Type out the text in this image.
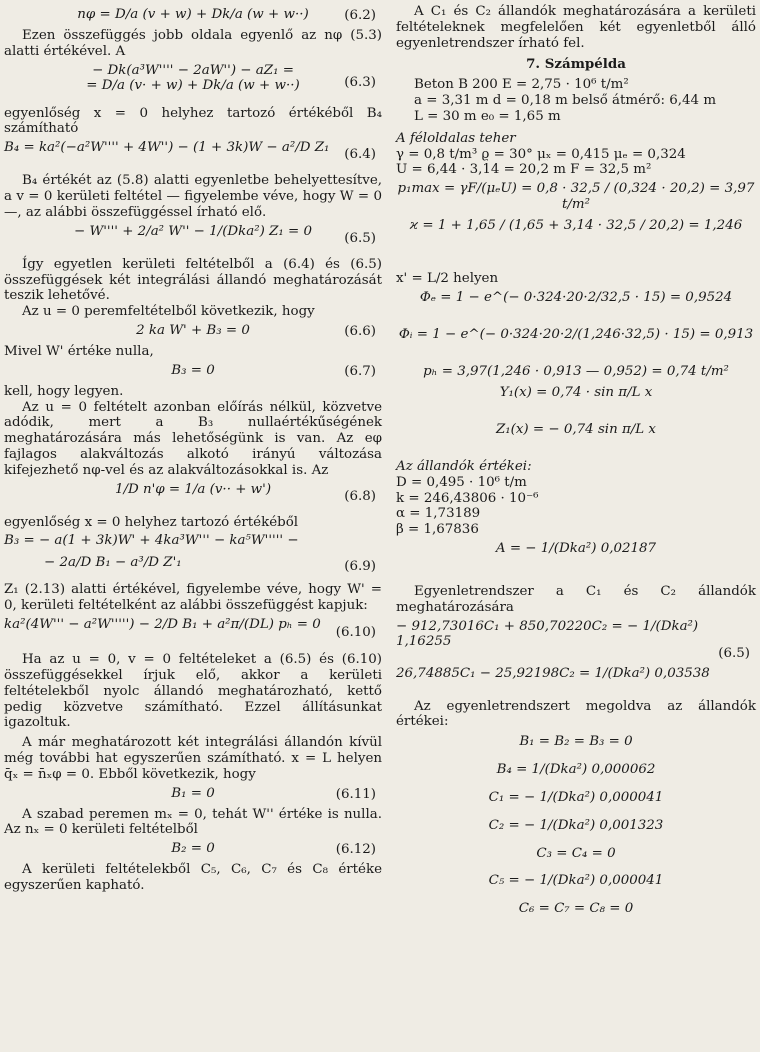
nφ = D/a (v + w) + Dk/a (w + w··)	(6.2)

Ezen összefüggés jobb oldala egyenlő az nφ (5.3) alatti értékével. A

− Dk(a³W'''' − 2aW'') − aZ₁ =
= D/a (v· + w) + Dk/a (w + w··)	(6.3)

egyenlőség x = 0 helyhez tartozó értékéből B₄ számítható

B₄ = ka²(−a²W'''' + 4W'') − (1 + 3k)W − a²/D Z₁	(6.4)

B₄ értékét az (5.8) alatti egyenletbe behelyettesítve, a v = 0 kerületi feltétel — figyelembe véve, hogy W = 0 —, az alábbi összefüggéssel írható elő.

− W'''' + 2/a² W'' − 1/(Dka²) Z₁ = 0	(6.5)

Így egyetlen kerületi feltételből a (6.4) és (6.5) összefüggések két integrálási állandó meghatározását teszik lehetővé.

Az u = 0 peremfeltételből következik, hogy

2 ka W' + B₃ = 0	(6.6)

Mivel W' értéke nulla,

B₃ = 0	(6.7)

kell, hogy legyen.

Az u = 0 feltételt azonban előírás nélkül, közvetve adódik, mert a B₃ nullaértékűségének meghatározására más lehetőségünk is van. Az eφ fajlagos alakváltozás alkotó irányú változása kifejezhető nφ-vel és az alakváltozásokkal is. Az

1/D n'φ = 1/a (v·· + w')	(6.8)

egyenlőség x = 0 helyhez tartozó értékéből

B₃ = − a(1 + 3k)W' + 4ka³W''' − ka⁵W''''' −
− 2a/D B₁ − a³/D Z'₁	(6.9)

Z₁ (2.13) alatti értékével, figyelembe véve, hogy W' = 0, kerületi feltételként az alábbi összefüggést kapjuk:

ka²(4W''' − a²W''''') − 2/D B₁ + a²π/(DL) pₕ = 0
(6.10)

Ha az u = 0, v = 0 feltételeket a (6.5) és (6.10) összefüggésekkel írjuk elő, akkor a kerületi feltételekből nyolc állandó meghatározható, kettő pedig közvetve számítható. Ezzel állításunkat igazoltuk.

A már meghatározott két integrálási állandón kívül még további hat egyszerűen számítható. x = L helyen q̄ₓ = n̄ₓφ = 0. Ebből következik, hogy

B₁ = 0	(6.11)

A szabad peremen mₓ = 0, tehát W'' értéke is nulla. Az nₓ = 0 kerületi feltételből

B₂ = 0	(6.12)

A kerületi feltételekből C₅, C₆, C₇ és C₈ értéke egyszerűen kapható.

A C₁ és C₂ állandók meghatározására a kerületi feltételeknek megfelelően két egyenletből álló egyenletrendszer írható fel.

7. Számpélda
Beton B 200 E = 2,75 · 10⁶ t/m²
a = 3,31 m d = 0,18 m belső átmérő: 6,44 m
L = 30 m e₀ = 1,65 m

A féloldalas teher

γ = 0,8 t/m³ ϱ = 30° μₓ = 0,415 μₑ = 0,324
U = 6,44 · 3,14 = 20,2 m F = 32,5 m²
p₁max = γF/(μₑU) = 0,8 · 32,5 / (0,324 · 20,2) = 3,97 t/m²
ϰ = 1 + 1,65 / (1,65 + 3,14 · 32,5 / 20,2) = 1,246

x' = L/2 helyen

Φₑ = 1 − e^(− 0·324·20·2/32,5 · 15) = 0,9524
Φᵢ = 1 − e^(− 0·324·20·2/(1,246·32,5) · 15) = 0,913
pₕ = 3,97(1,246 · 0,913 — 0,952) = 0,74 t/m²
Y₁(x) = 0,74 · sin π/L x
Z₁(x) = − 0,74 sin π/L x

Az állandók értékei:

D = 0,495 · 10⁶ t/m
k = 246,43806 · 10⁻⁶
α = 1,73189
β = 1,67836
A = − 1/(Dka²) 0,02187

Egyenletrendszer a C₁ és C₂ állandók meghatározására

− 912,73016C₁ + 850,70220C₂ = − 1/(Dka²) 1,16255
(6.5)
26,74885C₁ − 25,92198C₂ = 1/(Dka²) 0,03538

Az egyenletrendszert megoldva az állandók értékei:

B₁ = B₂ = B₃ = 0
B₄ = 1/(Dka²) 0,000062
C₁ = − 1/(Dka²) 0,000041
C₂ = − 1/(Dka²) 0,001323
C₃ = C₄ = 0
C₅ = − 1/(Dka²) 0,000041
C₆ = C₇ = C₈ = 0
